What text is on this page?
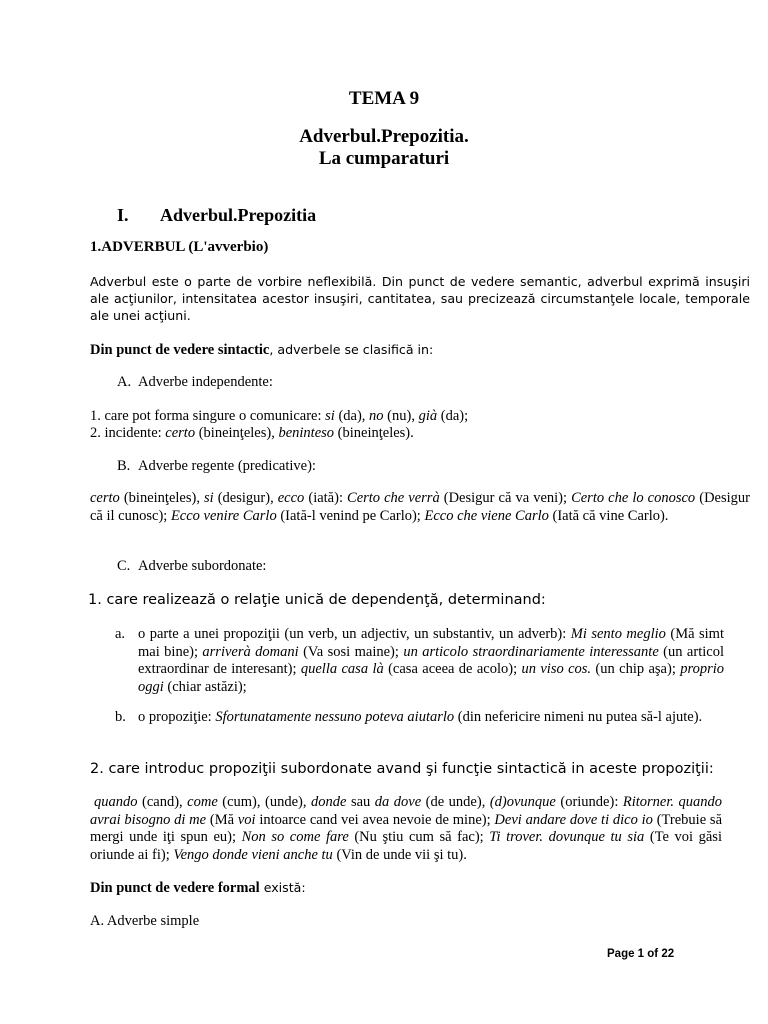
TEMA 9
Adverbul.Prepozitia.
La cumparaturi
I. Adverbul.Prepozitia
1.ADVERBUL (L'avverbio)
Adverbul este o parte de vorbire neflexibilă. Din punct de vedere semantic, adverbul exprimă insuşiri ale acţiunilor, intensitatea acestor insuşiri, cantitatea, sau precizează circumstanţele locale, temporale ale unei acţiuni.
Din punct de vedere sintactic, adverbele se clasifică in:
A. Adverbe independente:
1. care pot forma singure o comunicare: si (da), no (nu), già (da);
2. incidente: certo (bineinţeles), beninteso (bineinţeles).
B. Adverbe regente (predicative):
certo (bineinţeles), si (desigur), ecco (iată): Certo che verrà (Desigur că va veni); Certo che lo conosco (Desigur că il cunosc); Ecco venire Carlo (Iată-l venind pe Carlo); Ecco che viene Carlo (Iată că vine Carlo).
C. Adverbe subordonate:
1. care realizează o relaţie unică de dependenţă, determinand:
a. o parte a unei propoziţii (un verb, un adjectiv, un substantiv, un adverb): Mi sento meglio (Mă simt mai bine); arriverà domani (Va sosi maine); un articolo straordinariamente interessante (un articol extraordinar de interesant); quella casa là (casa aceea de acolo); un viso cos. (un chip aşa); proprio oggi (chiar astăzi);
b. o propoziţie: Sfortunatamente nessuno poteva aiutarlo (din nefericire nimeni nu putea să-l ajute).
2. care introduc propoziţii subordonate avand şi funcţie sintactică in aceste propoziţii:
quando (cand), come (cum), (unde), donde sau da dove (de unde), (d)ovunque (oriunde): Ritorner. quando avrai bisogno di me (Mă voi intoarce cand vei avea nevoie de mine); Devi andare dove ti dico io (Trebuie să mergi unde iţi spun eu); Non so come fare (Nu ştiu cum să fac); Ti trover. dovunque tu sia (Te voi găsi oriunde ai fi); Vengo donde vieni anche tu (Vin de unde vii şi tu).
Din punct de vedere formal există:
A. Adverbe simple
Page 1 of 22
